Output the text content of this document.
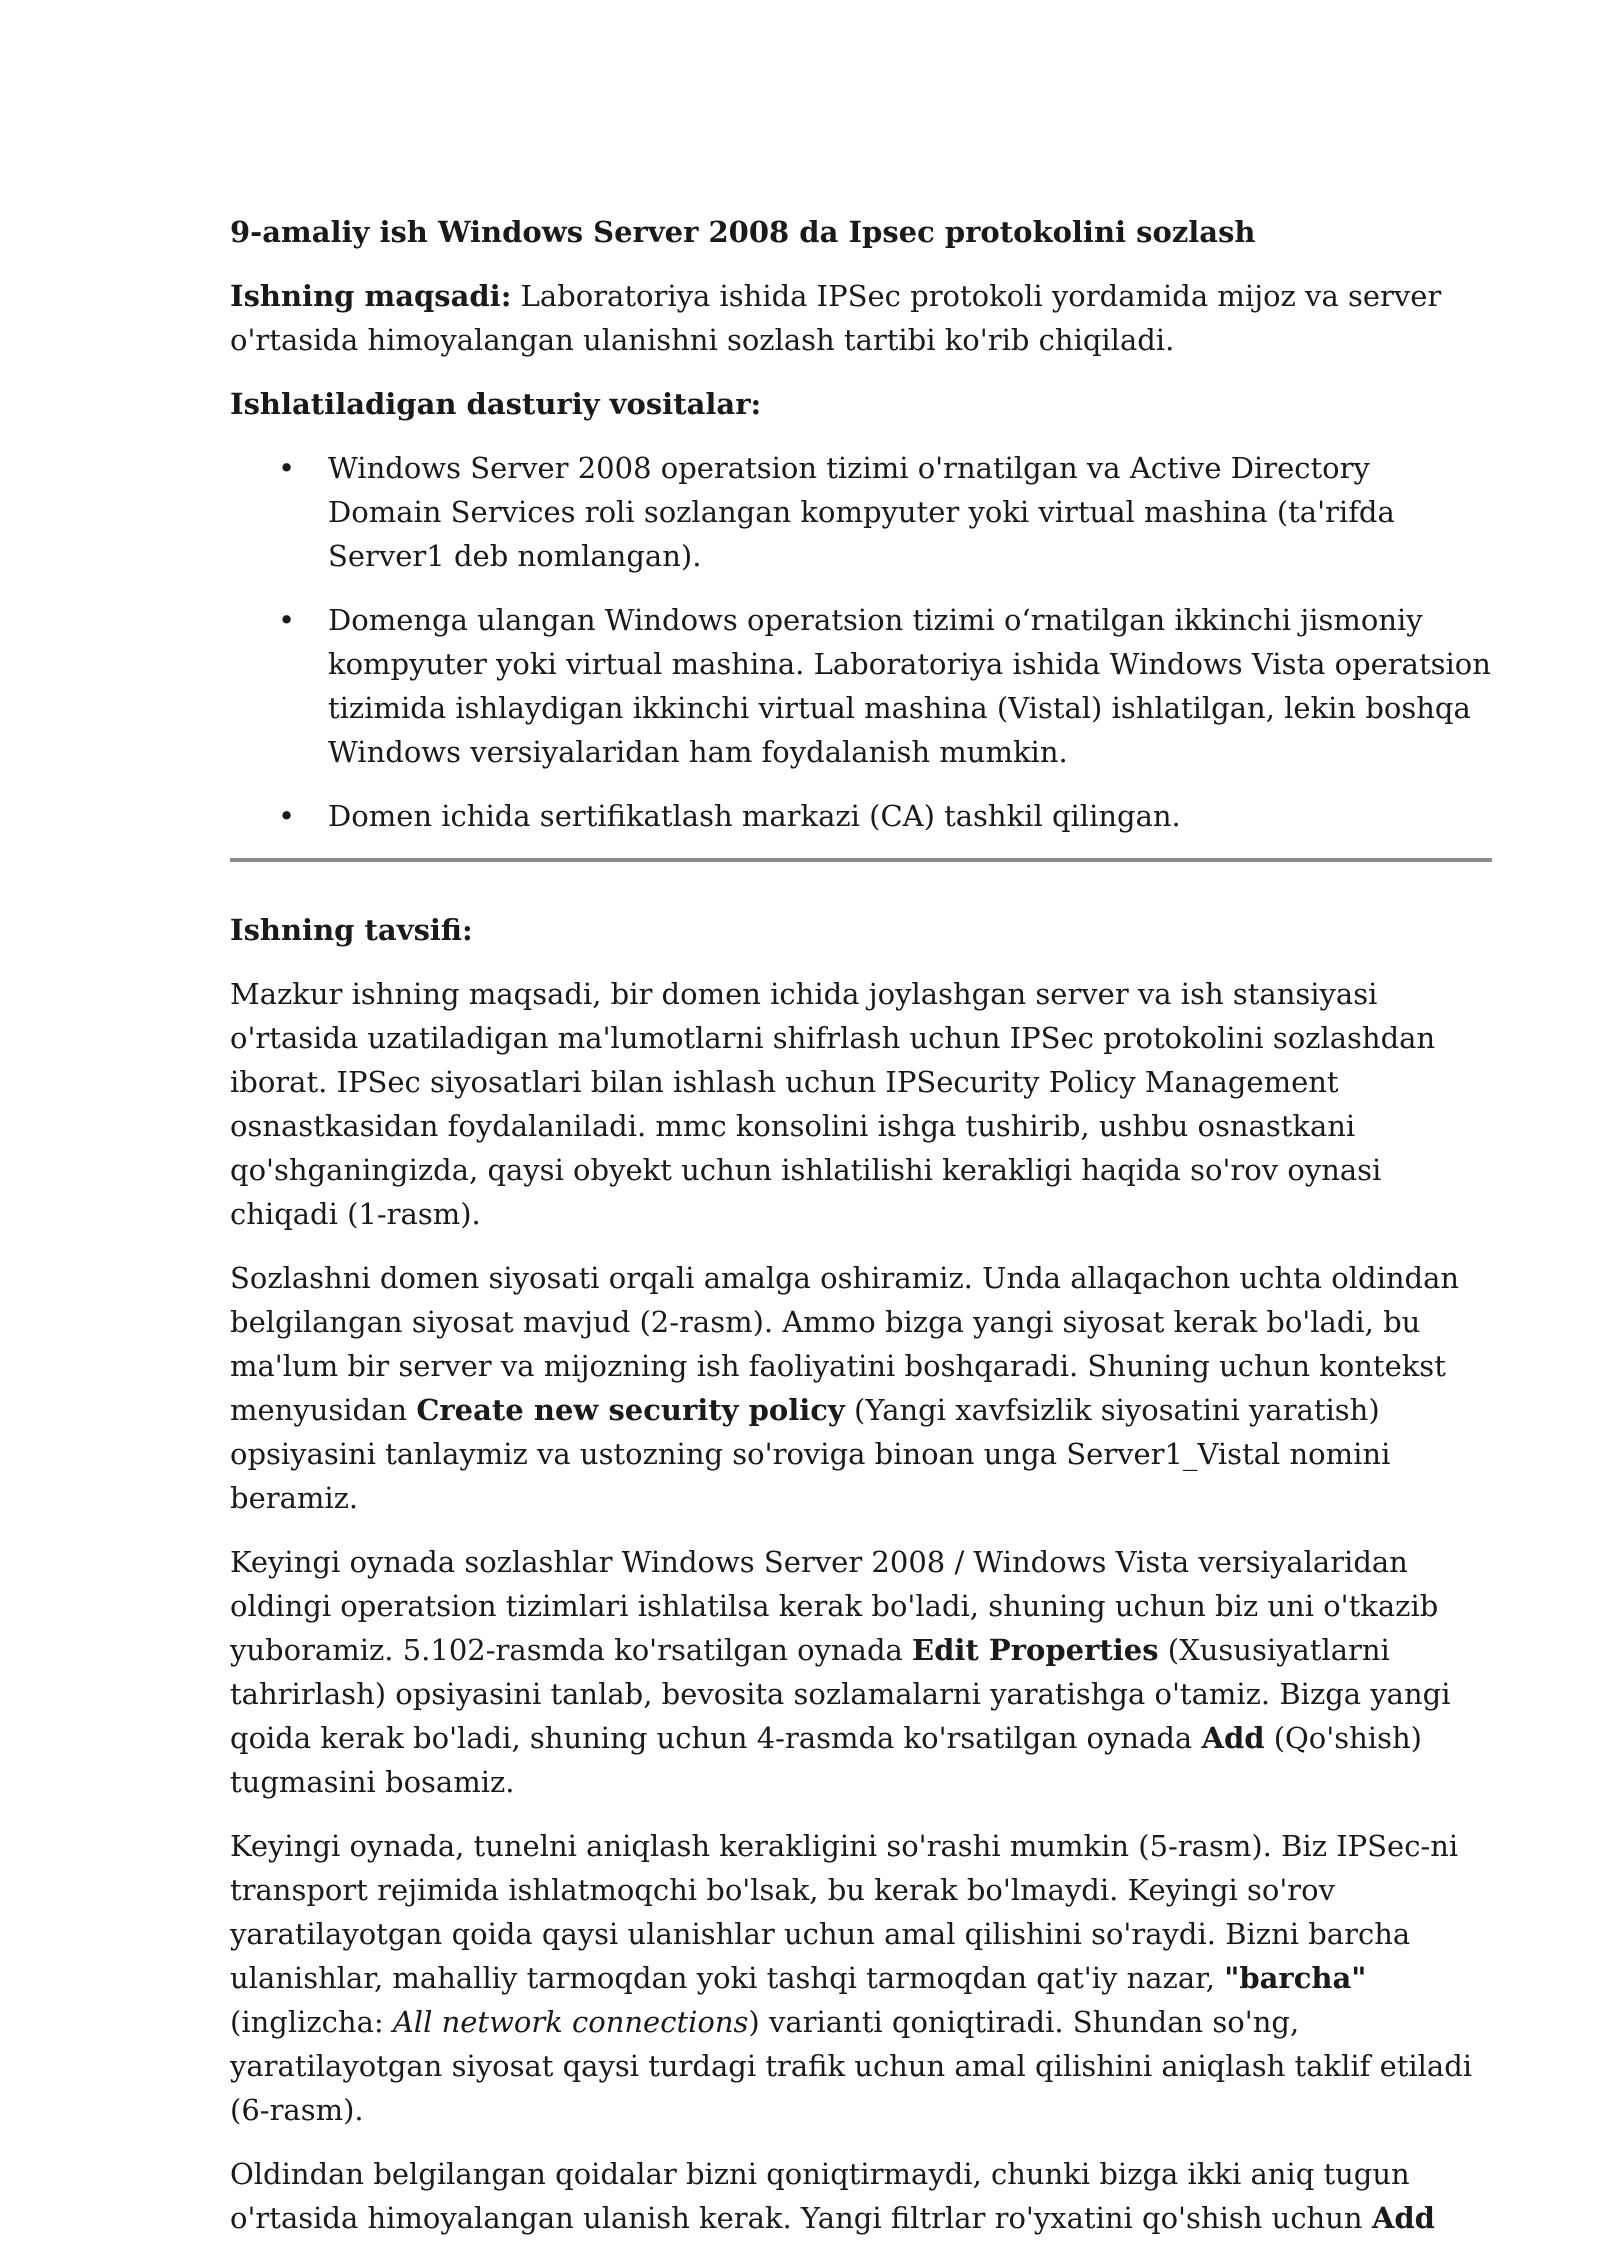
9-amaliy ish Windows Server 2008 da Ipsec protokolini sozlash

Ishning maqsadi: Laboratoriya ishida IPSec protokoli yordamida mijoz va server o'rtasida himoyalangan ulanishni sozlash tartibi ko'rib chiqiladi.

Ishlatiladigan dasturiy vositalar:
• Windows Server 2008 operatsion tizimi o'rnatilgan va Active Directory Domain Services roli sozlangan kompyuter yoki virtual mashina (ta'rifda Server1 deb nomlangan).
• Domenga ulangan Windows operatsion tizimi o‘rnatilgan ikkinchi jismoniy kompyuter yoki virtual mashina. Laboratoriya ishida Windows Vista operatsion tizimida ishlaydigan ikkinchi virtual mashina (Vistal) ishlatilgan, lekin boshqa Windows versiyalaridan ham foydalanish mumkin.
• Domen ichida sertifikatlash markazi (CA) tashkil qilingan.
Ishning tavsifi:

Mazkur ishning maqsadi, bir domen ichida joylashgan server va ish stansiyasi o'rtasida uzatiladigan ma'lumotlarni shifrlash uchun IPSec protokolini sozlashdan iborat. IPSec siyosatlari bilan ishlash uchun IPSecurity Policy Management osnastkasidan foydalaniladi. mmc konsolini ishga tushirib, ushbu osnastkani qo'shganingizda, qaysi obyekt uchun ishlatilishi kerakligi haqida so'rov oynasi chiqadi (1-rasm).

Sozlashni domen siyosati orqali amalga oshiramiz. Unda allaqachon uchta oldindan belgilangan siyosat mavjud (2-rasm). Ammo bizga yangi siyosat kerak bo'ladi, bu ma'lum bir server va mijozning ish faoliyatini boshqaradi. Shuning uchun kontekst menyusidan Create new security policy (Yangi xavfsizlik siyosatini yaratish) opsiyasini tanlaymiz va ustozning so'roviga binoan unga Server1_Vistal nomini beramiz.

Keyingi oynada sozlashlar Windows Server 2008 / Windows Vista versiyalaridan oldingi operatsion tizimlari ishlatilsa kerak bo'ladi, shuning uchun biz uni o'tkazib yuboramiz. 5.102-rasmda ko'rsatilgan oynada Edit Properties (Xususiyatlarni tahrirlash) opsiyasini tanlab, bevosita sozlamalarni yaratishga o'tamiz. Bizga yangi qoida kerak bo'ladi, shuning uchun 4-rasmda ko'rsatilgan oynada Add (Qo'shish) tugmasini bosamiz.

Keyingi oynada, tunelni aniqlash kerakligini so'rashi mumkin (5-rasm). Biz IPSec-ni transport rejimida ishlatmoqchi bo'lsak, bu kerak bo'lmaydi. Keyingi so'rov yaratilayotgan qoida qaysi ulanishlar uchun amal qilishini so'raydi. Bizni barcha ulanishlar, mahalliy tarmoqdan yoki tashqi tarmoqdan qat'iy nazar, "barcha" (inglizcha: All network connections) varianti qoniqtiradi. Shundan so'ng, yaratilayotgan siyosat qaysi turdagi trafik uchun amal qilishini aniqlash taklif etiladi (6-rasm).

Oldindan belgilangan qoidalar bizni qoniqtirmaydi, chunki bizga ikki aniq tugun o'rtasida himoyalangan ulanish kerak. Yangi filtrlar ro'yxatini qo'shish uchun Add
